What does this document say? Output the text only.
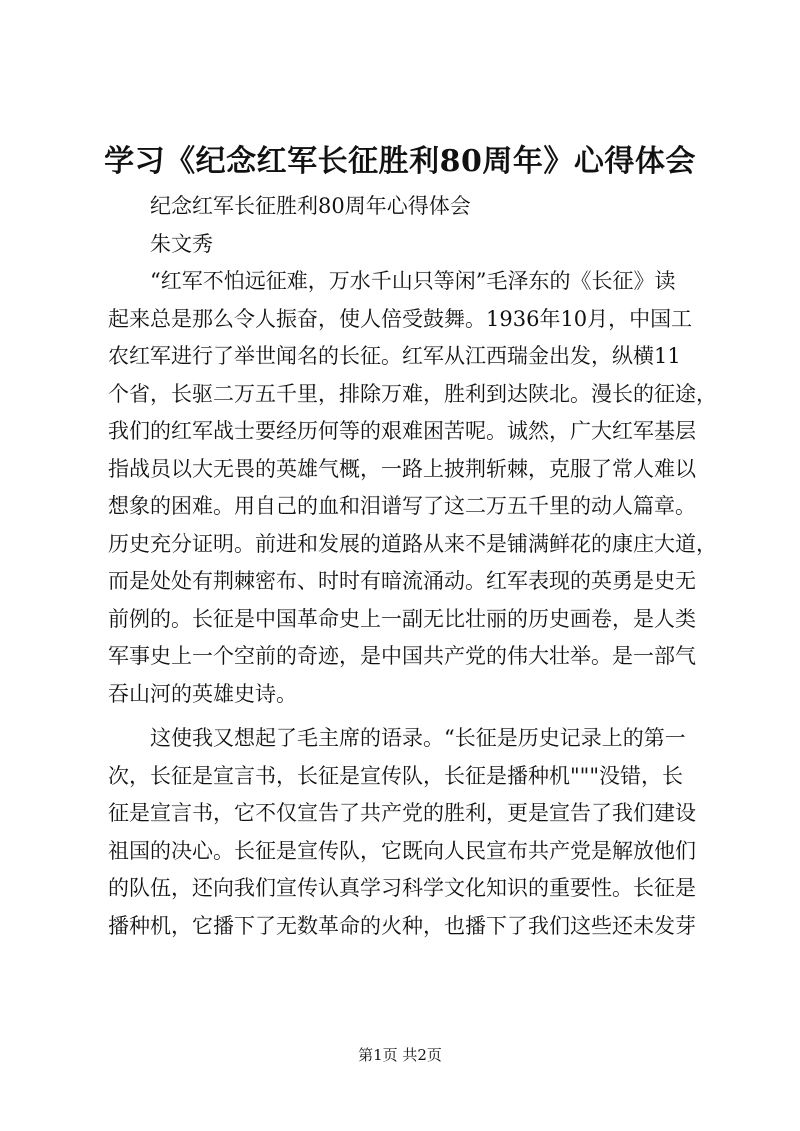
学习《纪念红军长征胜利80周年》心得体会
纪念红军长征胜利80周年心得体会
朱文秀
“红军不怕远征难，万水千山只等闲”毛泽东的《长征》读
起来总是那么令人振奋，使人倍受鼓舞。1936年10月，中国工
农红军进行了举世闻名的长征。红军从江西瑞金出发，纵横11
个省，长驱二万五千里，排除万难，胜利到达陕北。漫长的征途，
我们的红军战士要经历何等的艰难困苦呢。诚然，广大红军基层
指战员以大无畏的英雄气概，一路上披荆斩棘，克服了常人难以
想象的困难。用自己的血和泪谱写了这二万五千里的动人篇章。
历史充分证明。前进和发展的道路从来不是铺满鲜花的康庄大道，
而是处处有荆棘密布、时时有暗流涌动。红军表现的英勇是史无
前例的。长征是中国革命史上一副无比壮丽的历史画卷，是人类
军事史上一个空前的奇迹，是中国共产党的伟大壮举。是一部气
吞山河的英雄史诗。
这使我又想起了毛主席的语录。“长征是历史记录上的第一
次，长征是宣言书，长征是宣传队，长征是播种机"""没错，长
征是宣言书，它不仅宣告了共产党的胜利，更是宣告了我们建设
祖国的决心。长征是宣传队，它既向人民宣布共产党是解放他们
的队伍，还向我们宣传认真学习科学文化知识的重要性。长征是
播种机，它播下了无数革命的火种，也播下了我们这些还未发芽
第1页 共2页
